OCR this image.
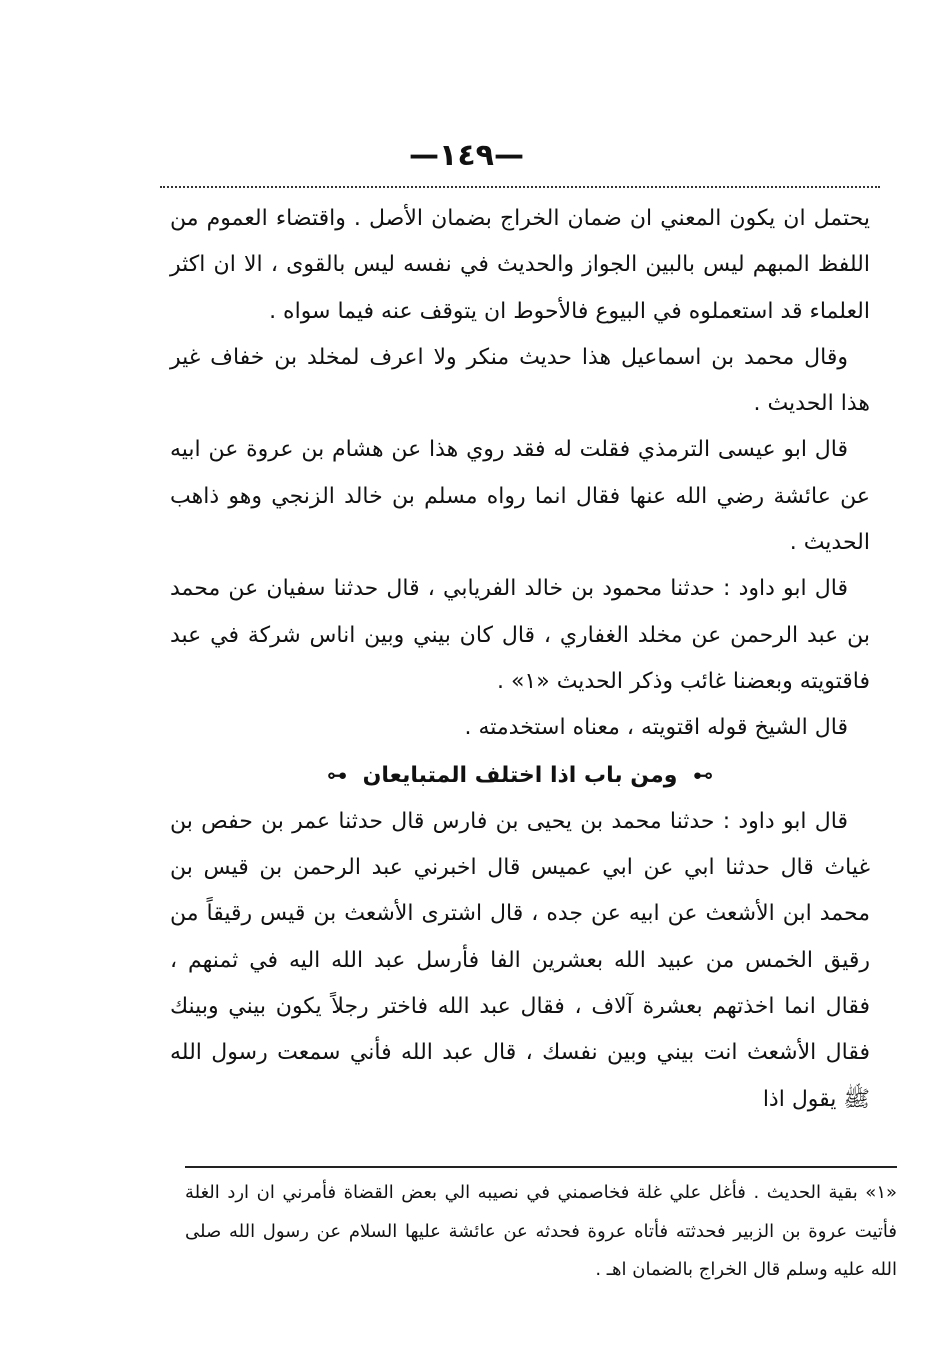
—١٤٩—

يحتمل ان يكون المعني ان ضمان الخراج بضمان الأصل . واقتضاء العموم من اللفظ المبهم ليس بالبين الجواز والحديث في نفسه ليس بالقوى ، الا ان اكثر العلماء قد استعملوه في البيوع فالأحوط ان يتوقف عنه فيما سواه .

وقال محمد بن اسماعيل هذا حديث منكر ولا اعرف لمخلد بن خفاف غير هذا الحديث .

قال ابو عيسى الترمذي فقلت له فقد روي هذا عن هشام بن عروة عن ابيه عن عائشة رضي الله عنها فقال انما رواه مسلم بن خالد الزنجي وهو ذاهب الحديث .

قال ابو داود : حدثنا محمود بن خالد الفريابي ، قال حدثنا سفيان عن محمد بن عبد الرحمن عن مخلد الغفاري ، قال كان بيني وبين اناس شركة في عبد فاقتويته وبعضنا غائب وذكر الحديث «١» .

قال الشيخ قوله اقتويته ، معناه استخدمته .

⊶ ومن باب اذا اختلف المتبايعان ⊷

قال ابو داود : حدثنا محمد بن يحيى بن فارس قال حدثنا عمر بن حفص بن غياث قال حدثنا ابي عن ابي عميس قال اخبرني عبد الرحمن بن قيس بن محمد ابن الأشعث عن ابيه عن جده ، قال اشترى الأشعث بن قيس رقيقاً من رقيق الخمس من عبيد الله بعشرين الفا فأرسل عبد الله اليه في ثمنهم ، فقال انما اخذتهم بعشرة آلاف ، فقال عبد الله فاختر رجلاً يكون بيني وبينك فقال الأشعث انت بيني وبين نفسك ، قال عبد الله فأني سمعت رسول الله ﷺ يقول اذا

«١» بقية الحديث . فأغل علي غلة فخاصمني في نصيبه الي بعض القضاة فأمرني ان ارد الغلة فأتيت عروة بن الزبير فحدثته فأتاه عروة فحدثه عن عائشة عليها السلام عن رسول الله صلى الله عليه وسلم قال الخراج بالضمان اهـ .
